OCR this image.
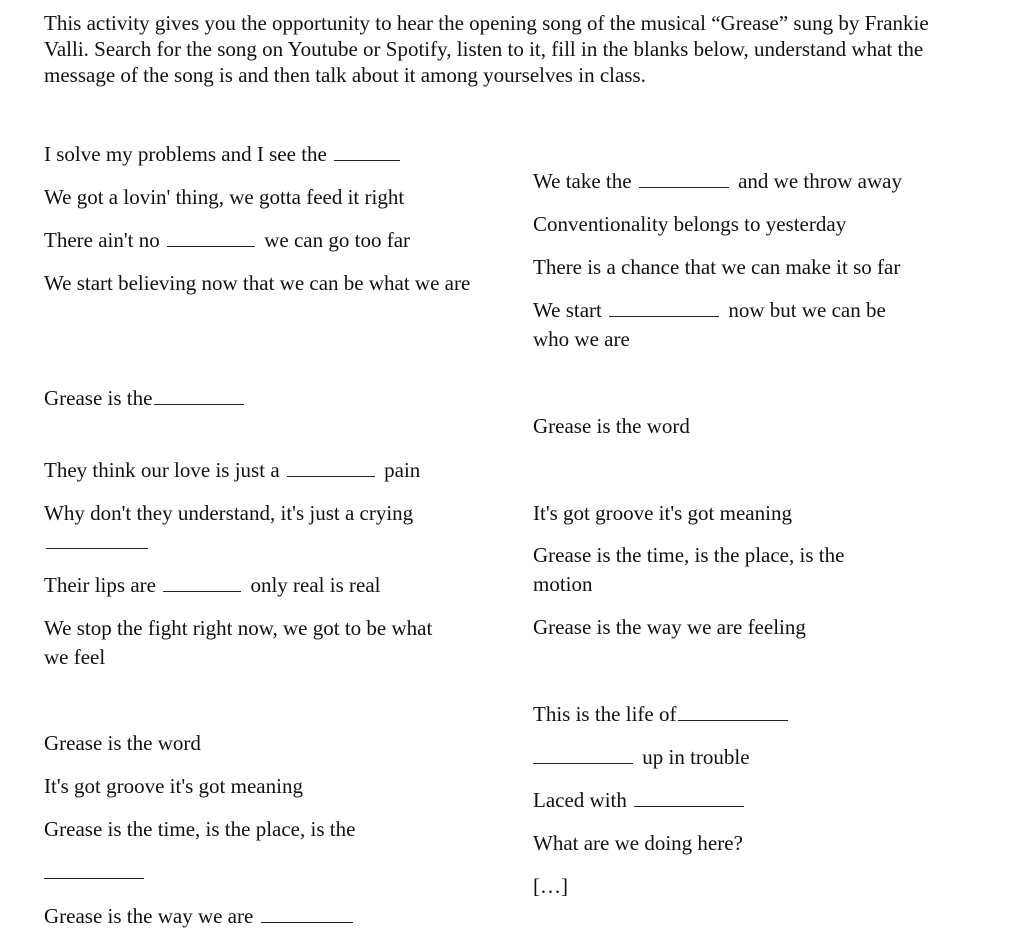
This activity gives you the opportunity to hear the opening song of the musical “Grease” sung by Frankie Valli. Search for the song on Youtube or Spotify, listen to it, fill in the blanks below, understand what the message of the song is and then talk about it among yourselves in class.

I solve my problems and I see the

We got a lovin' thing, we gotta feed it right

There ain't no	we can go too far

We start believing now that we can be what we are

Grease is the

They think our love is just a	pain

Why don't they understand, it's just a crying

Their lips are	only real is real

We stop the fight right now, we got to be what we feel

Grease is the word

It's got groove it's got meaning

Grease is the time, is the place, is the

Grease is the way we are

We take the	and we throw away

Conventionality belongs to yesterday

There is a chance that we can make it so far

We start	now but we can be

who we are

Grease is the word

It's got groove it's got meaning

Grease is the time, is the place, is the motion

Grease is the way we are feeling

This is the life of

up in trouble

Laced with

What are we doing here?

[…]
